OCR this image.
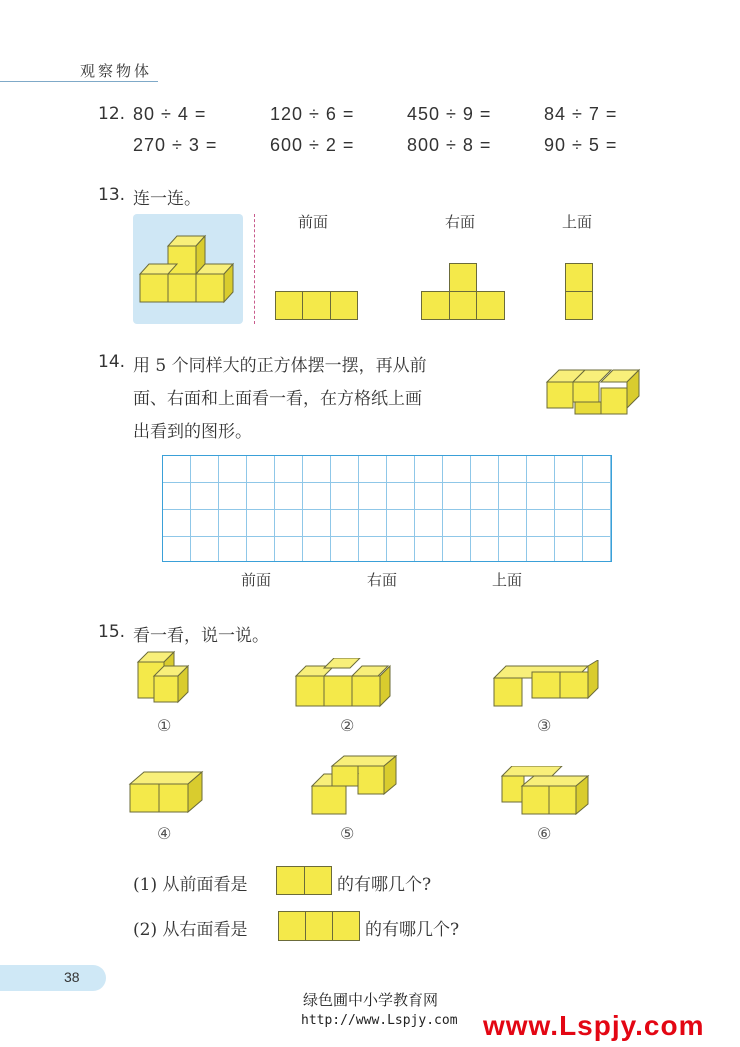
观察物体
12. 80 ÷ 4 =	120 ÷ 6 =	450 ÷ 9 =	84 ÷ 7 =
270 ÷ 3 =	600 ÷ 2 =	800 ÷ 8 =	90 ÷ 5 =
13. 连一连。
前面	右面	上面
14. 用 5 个同样大的正方体摆一摆，再从前
面、右面和上面看一看，在方格纸上画
出看到的图形。
前面	右面	上面
15. 看一看，说一说。
①	②	③
④	⑤	⑥
(1) 从前面看是	的有哪几个?
(2) 从右面看是	的有哪几个?
38
绿色圃中小学教育网
http://www.Lspjy.com www.Lspjy.com
